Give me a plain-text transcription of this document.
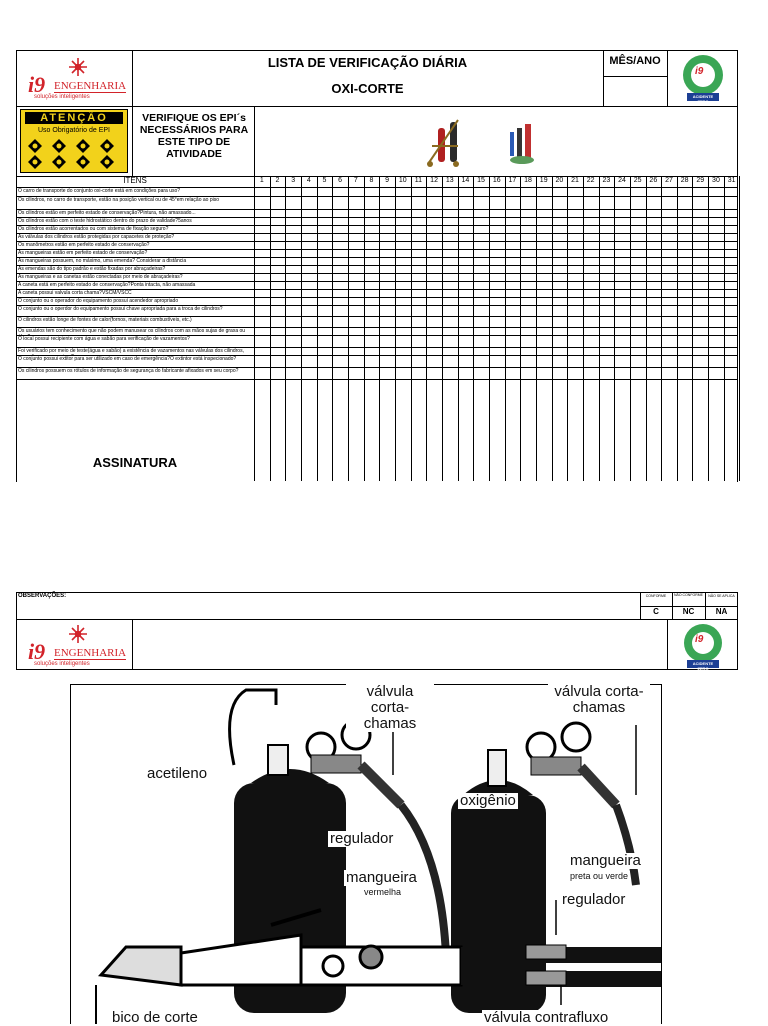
i9 ENGENHARIA
soluções inteligentes
LISTA DE VERIFICAÇÃO DIÁRIA
OXI-CORTE
MÊS/ANO
i9
ACIDENTE ZERO
ATENÇÃO
Uso Obrigatório de EPI
VERIFIQUE OS EPI´s NECESSÁRIOS PARA ESTE TIPO DE ATIVIDADE
ITENS	1	2	3	4	5	6	7	8	9	10	11	12	13	14	15	16	17	18	19	20	21	22	23	24	25	26	27	28	29	30	31
O carro de transporte do conjunto oxi-corte está em condições para uso?
Os cilindros, no carro de transporte, estão na posição vertical ou de 45°em relação ao piso
Os cilindros estão em perfeito estado de conservação?Pintura, não amassado...
Os cilindros estão com o teste hidrostático dentro do prazo de validade?5anos
Os cilindros estão acorrentados ou com sistema de fixação seguro?
As válvulas dos cilindros estão protegidas por capacetes de proteção?
Os manômetros estão em perfeito estado de conservação?
As mangueiras estão em perfeito estado de conservação?
As mangueiras possuem, no máximo, uma emenda? Considerar a distância
As emendas são do tipo padrão e estão fixadas por abraçadeiras?
As mangueiras e as canetas estão conectadas por meio de abraçadeiras?
A caneta está em perfeito estado de conservação?Ponta intacta, não amassada
A caneta possui valvula corta chama?VSCM/VSCC
O conjunto ou o operador do equipamento possui acendedor apropriado
O conjunto ou o operdor do equipamento possui chave apropriada para a troca de cilindros?
O cilindros estão longe de fontes de calor(fornos, materiais combustíveis, etc.)
Os usuários tem conhecimento que não podem manusear os cilindros com as mãos sujas de graxa ou
O local possui recipiente com água e sabão para verificação de vazamentos?
Foi verificado por meio de teste(água e sabão) a existência de vazamentos nas válvulas dos cilindros,
O conjunto possui extitor para ser utilizado em caso de emergência?O extintor está inspecionado?
Os cilindros possuem os rótulos de informação de segurança do fabricante afixados em seu corpo?
ASSINATURA
OBSERVAÇÕES:	CONFORME	NÃO CONFORME	NÃO SE APLICA
C	NC	NA
i9 ENGENHARIA
soluções inteligentes
i9
ACIDENTE ZERO
válvula corta-chamas
válvula corta-chamas
acetileno
oxigênio
regulador
mangueira
vermelha
mangueira
preta ou verde
regulador
bico de corte	válvula contrafluxo
